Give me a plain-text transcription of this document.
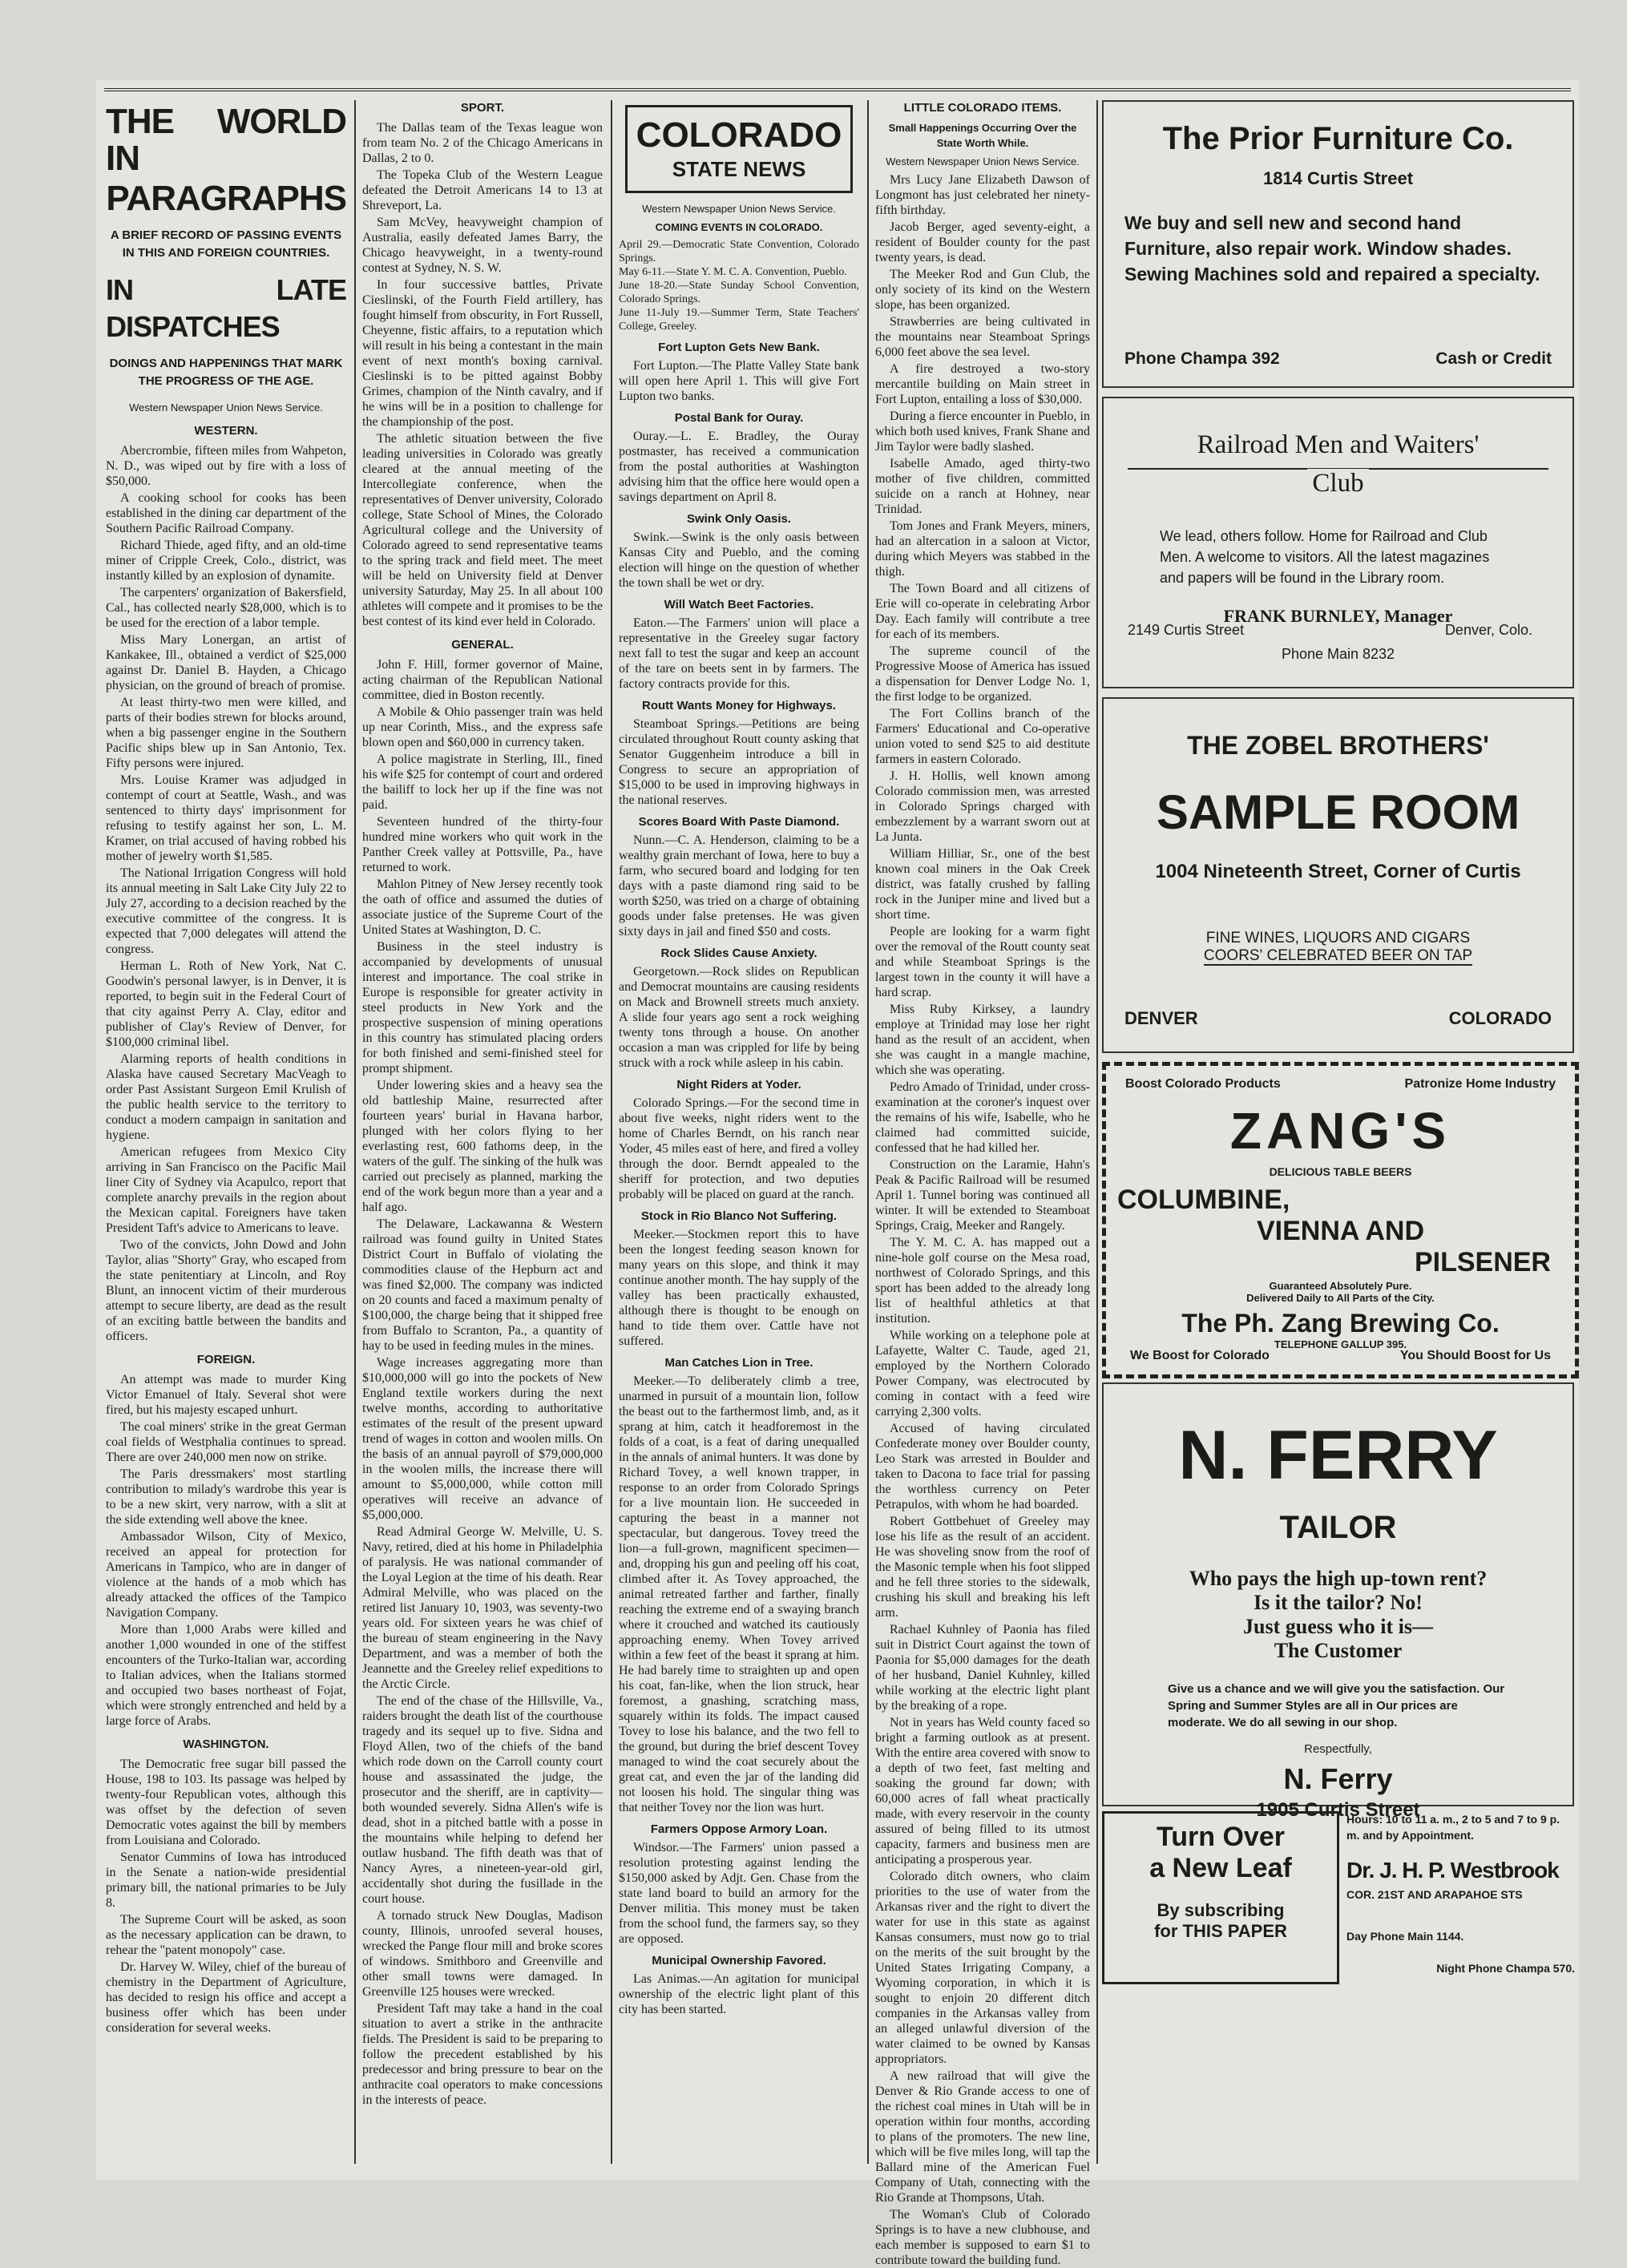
THE WORLD IN
PARAGRAPHS
A BRIEF RECORD OF PASSING EVENTS IN THIS AND FOREIGN COUNTRIES.
IN LATE DISPATCHES
DOINGS AND HAPPENINGS THAT MARK THE PROGRESS OF THE AGE.
Western Newspaper Union News Service.
WESTERN.

Abercrombie, fifteen miles from Wahpeton, N. D., was wiped out by fire with a loss of $50,000.

A cooking school for cooks has been established in the dining car department of the Southern Pacific Railroad Company.

Richard Thiede, aged fifty, and an old-time miner of Cripple Creek, Colo., district, was instantly killed by an explosion of dynamite.

The carpenters' organization of Bakersfield, Cal., has collected nearly $28,000, which is to be used for the erection of a labor temple.

Miss Mary Lonergan, an artist of Kankakee, Ill., obtained a verdict of $25,000 against Dr. Daniel B. Hayden, a Chicago physician, on the ground of breach of promise.

At least thirty-two men were killed, and parts of their bodies strewn for blocks around, when a big passenger engine in the Southern Pacific ships blew up in San Antonio, Tex. Fifty persons were injured.

Mrs. Louise Kramer was adjudged in contempt of court at Seattle, Wash., and was sentenced to thirty days' imprisonment for refusing to testify against her son, L. M. Kramer, on trial accused of having robbed his mother of jewelry worth $1,585.

The National Irrigation Congress will hold its annual meeting in Salt Lake City July 22 to July 27, according to a decision reached by the executive committee of the congress. It is expected that 7,000 delegates will attend the congress.

Herman L. Roth of New York, Nat C. Goodwin's personal lawyer, is in Denver, it is reported, to begin suit in the Federal Court of that city against Perry A. Clay, editor and publisher of Clay's Review of Denver, for $100,000 criminal libel.

Alarming reports of health conditions in Alaska have caused Secretary MacVeagh to order Past Assistant Surgeon Emil Krulish of the public health service to the territory to conduct a modern campaign in sanitation and hygiene.

American refugees from Mexico City arriving in San Francisco on the Pacific Mail liner City of Sydney via Acapulco, report that complete anarchy prevails in the region about the Mexican capital. Foreigners have taken President Taft's advice to Americans to leave.

Two of the convicts, John Dowd and John Taylor, alias "Shorty" Gray, who escaped from the state penitentiary at Lincoln, and Roy Blunt, an innocent victim of their murderous attempt to secure liberty, are dead as the result of an exciting battle between the bandits and officers.

FOREIGN.

An attempt was made to murder King Victor Emanuel of Italy. Several shot were fired, but his majesty escaped unhurt.

The coal miners' strike in the great German coal fields of Westphalia continues to spread. There are over 240,000 men now on strike.

The Paris dressmakers' most startling contribution to milady's wardrobe this year is to be a new skirt, very narrow, with a slit at the side extending well above the knee.

Ambassador Wilson, City of Mexico, received an appeal for protection for Americans in Tampico, who are in danger of violence at the hands of a mob which has already attacked the offices of the Tampico Navigation Company.

More than 1,000 Arabs were killed and another 1,000 wounded in one of the stiffest encounters of the Turko-Italian war, according to Italian advices, when the Italians stormed and occupied two bases northeast of Fojat, which were strongly entrenched and held by a large force of Arabs.

WASHINGTON.

The Democratic free sugar bill passed the House, 198 to 103. Its passage was helped by twenty-four Republican votes, although this was offset by the defection of seven Democratic votes against the bill by members from Louisiana and Colorado.

Senator Cummins of Iowa has introduced in the Senate a nation-wide presidential primary bill, the national primaries to be July 8.

The Supreme Court will be asked, as soon as the necessary application can be drawn, to rehear the "patent monopoly" case.

Dr. Harvey W. Wiley, chief of the bureau of chemistry in the Department of Agriculture, has decided to resign his office and accept a business offer which has been under consideration for several weeks.

SPORT.

The Dallas team of the Texas league won from team No. 2 of the Chicago Americans in Dallas, 2 to 0.

The Topeka Club of the Western League defeated the Detroit Americans 14 to 13 at Shreveport, La.

Sam McVey, heavyweight champion of Australia, easily defeated James Barry, the Chicago heavyweight, in a twenty-round contest at Sydney, N. S. W.

In four successive battles, Private Cieslinski, of the Fourth Field artillery, has fought himself from obscurity, in Fort Russell, Cheyenne, fistic affairs, to a reputation which will result in his being a contestant in the main event of next month's boxing carnival. Cieslinski is to be pitted against Bobby Grimes, champion of the Ninth cavalry, and if he wins will be in a position to challenge for the championship of the post.

The athletic situation between the five leading universities in Colorado was greatly cleared at the annual meeting of the Intercollegiate conference, when the representatives of Denver university, Colorado college, State School of Mines, the Colorado Agricultural college and the University of Colorado agreed to send representative teams to the spring track and field meet. The meet will be held on University field at Denver university Saturday, May 25. In all about 100 athletes will compete and it promises to be the best contest of its kind ever held in Colorado.

GENERAL.

John F. Hill, former governor of Maine, acting chairman of the Republican National committee, died in Boston recently.

A Mobile & Ohio passenger train was held up near Corinth, Miss., and the express safe blown open and $60,000 in currency taken.

A police magistrate in Sterling, Ill., fined his wife $25 for contempt of court and ordered the bailiff to lock her up if the fine was not paid.

Seventeen hundred of the thirty-four hundred mine workers who quit work in the Panther Creek valley at Pottsville, Pa., have returned to work.

Mahlon Pitney of New Jersey recently took the oath of office and assumed the duties of associate justice of the Supreme Court of the United States at Washington, D. C.

Business in the steel industry is accompanied by developments of unusual interest and importance. The coal strike in Europe is responsible for greater activity in steel products in New York and the prospective suspension of mining operations in this country has stimulated placing orders for both finished and semi-finished steel for prompt shipment.

Under lowering skies and a heavy sea the old battleship Maine, resurrected after fourteen years' burial in Havana harbor, plunged with her colors flying to her everlasting rest, 600 fathoms deep, in the waters of the gulf. The sinking of the hulk was carried out precisely as planned, marking the end of the work begun more than a year and a half ago.

The Delaware, Lackawanna & Western railroad was found guilty in United States District Court in Buffalo of violating the commodities clause of the Hepburn act and was fined $2,000. The company was indicted on 20 counts and faced a maximum penalty of $100,000, the charge being that it shipped free from Buffalo to Scranton, Pa., a quantity of hay to be used in feeding mules in the mines.

Wage increases aggregating more than $10,000,000 will go into the pockets of New England textile workers during the next twelve months, according to authoritative estimates of the result of the present upward trend of wages in cotton and woolen mills. On the basis of an annual payroll of $79,000,000 in the woolen mills, the increase there will amount to $5,000,000, while cotton mill operatives will receive an advance of $5,000,000.

Read Admiral George W. Melville, U. S. Navy, retired, died at his home in Philadelphia of paralysis. He was national commander of the Loyal Legion at the time of his death. Rear Admiral Melville, who was placed on the retired list January 10, 1903, was seventy-two years old. For sixteen years he was chief of the bureau of steam engineering in the Navy Department, and was a member of both the Jeannette and the Greeley relief expeditions to the Arctic Circle.

The end of the chase of the Hillsville, Va., raiders brought the death list of the courthouse tragedy and its sequel up to five. Sidna and Floyd Allen, two of the chiefs of the band which rode down on the Carroll county court house and assassinated the judge, the prosecutor and the sheriff, are in captivity—both wounded severely. Sidna Allen's wife is dead, shot in a pitched battle with a posse in the mountains while helping to defend her outlaw husband. The fifth death was that of Nancy Ayres, a nineteen-year-old girl, accidentally shot during the fusillade in the court house.

A tornado struck New Douglas, Madison county, Illinois, unroofed several houses, wrecked the Pange flour mill and broke scores of windows. Smithboro and Greenville and other small towns were damaged. In Greenville 125 houses were wrecked.

President Taft may take a hand in the coal situation to avert a strike in the anthracite fields. The President is said to be preparing to follow the precedent established by his predecessor and bring pressure to bear on the anthracite coal operators to make concessions in the interests of peace.

COLORADO
STATE NEWS
Western Newspaper Union News Service.
COMING EVENTS IN COLORADO.

April 29.—Democratic State Convention, Colorado Springs.

May 6-11.—State Y. M. C. A. Convention, Pueblo.

June 18-20.—State Sunday School Convention, Colorado Springs.

June 11-July 19.—Summer Term, State Teachers' College, Greeley.

Fort Lupton Gets New Bank.

Fort Lupton.—The Platte Valley State bank will open here April 1. This will give Fort Lupton two banks.

Postal Bank for Ouray.

Ouray.—L. E. Bradley, the Ouray postmaster, has received a communication from the postal authorities at Washington advising him that the office here would open a savings department on April 8.

Swink Only Oasis.

Swink.—Swink is the only oasis between Kansas City and Pueblo, and the coming election will hinge on the question of whether the town shall be wet or dry.

Will Watch Beet Factories.

Eaton.—The Farmers' union will place a representative in the Greeley sugar factory next fall to test the sugar and keep an account of the tare on beets sent in by farmers. The factory contracts provide for this.

Routt Wants Money for Highways.

Steamboat Springs.—Petitions are being circulated throughout Routt county asking that Senator Guggenheim introduce a bill in Congress to secure an appropriation of $15,000 to be used in improving highways in the national reserves.

Scores Board With Paste Diamond.

Nunn.—C. A. Henderson, claiming to be a wealthy grain merchant of Iowa, here to buy a farm, who secured board and lodging for ten days with a paste diamond ring said to be worth $250, was tried on a charge of obtaining goods under false pretenses. He was given sixty days in jail and fined $50 and costs.

Rock Slides Cause Anxiety.

Georgetown.—Rock slides on Republican and Democrat mountains are causing residents on Mack and Brownell streets much anxiety. A slide four years ago sent a rock weighing twenty tons through a house. On another occasion a man was crippled for life by being struck with a rock while asleep in his cabin.

Night Riders at Yoder.

Colorado Springs.—For the second time in about five weeks, night riders went to the home of Charles Berndt, on his ranch near Yoder, 45 miles east of here, and fired a volley through the door. Berndt appealed to the sheriff for protection, and two deputies probably will be placed on guard at the ranch.

Stock in Rio Blanco Not Suffering.

Meeker.—Stockmen report this to have been the longest feeding season known for many years on this slope, and think it may continue another month. The hay supply of the valley has been practically exhausted, although there is thought to be enough on hand to tide them over. Cattle have not suffered.

Man Catches Lion in Tree.

Meeker.—To deliberately climb a tree, unarmed in pursuit of a mountain lion, follow the beast out to the farthermost limb, and, as it sprang at him, catch it headforemost in the folds of a coat, is a feat of daring unequalled in the annals of animal hunters. It was done by Richard Tovey, a well known trapper, in response to an order from Colorado Springs for a live mountain lion. He succeeded in capturing the beast in a manner not spectacular, but dangerous. Tovey treed the lion—a full-grown, magnificent specimen—and, dropping his gun and peeling off his coat, climbed after it. As Tovey approached, the animal retreated farther and farther, finally reaching the extreme end of a swaying branch where it crouched and watched its cautiously approaching enemy. When Tovey arrived within a few feet of the beast it sprang at him. He had barely time to straighten up and open his coat, fan-like, when the lion struck, hear foremost, a gnashing, scratching mass, squarely within its folds. The impact caused Tovey to lose his balance, and the two fell to the ground, but during the brief descent Tovey managed to wind the coat securely about the great cat, and even the jar of the landing did not loosen his hold. The singular thing was that neither Tovey nor the lion was hurt.

Farmers Oppose Armory Loan.

Windsor.—The Farmers' union passed a resolution protesting against lending the $150,000 asked by Adjt. Gen. Chase from the state land board to build an armory for the Denver militia. This money must be taken from the school fund, the farmers say, so they are opposed.

Municipal Ownership Favored.

Las Animas.—An agitation for municipal ownership of the electric light plant of this city has been started.

LITTLE COLORADO ITEMS.
Small Happenings Occurring Over the State Worth While.
Western Newspaper Union News Service.

Mrs Lucy Jane Elizabeth Dawson of Longmont has just celebrated her ninety-fifth birthday.

Jacob Berger, aged seventy-eight, a resident of Boulder county for the past twenty years, is dead.

The Meeker Rod and Gun Club, the only society of its kind on the Western slope, has been organized.

Strawberries are being cultivated in the mountains near Steamboat Springs 6,000 feet above the sea level.

A fire destroyed a two-story mercantile building on Main street in Fort Lupton, entailing a loss of $30,000.

During a fierce encounter in Pueblo, in which both used knives, Frank Shane and Jim Taylor were badly slashed.

Isabelle Amado, aged thirty-two mother of five children, committed suicide on a ranch at Hohney, near Trinidad.

Tom Jones and Frank Meyers, miners, had an altercation in a saloon at Victor, during which Meyers was stabbed in the thigh.

The Town Board and all citizens of Erie will co-operate in celebrating Arbor Day. Each family will contribute a tree for each of its members.

The supreme council of the Progressive Moose of America has issued a dispensation for Denver Lodge No. 1, the first lodge to be organized.

The Fort Collins branch of the Farmers' Educational and Co-operative union voted to send $25 to aid destitute farmers in eastern Colorado.

J. H. Hollis, well known among Colorado commission men, was arrested in Colorado Springs charged with embezzlement by a warrant sworn out at La Junta.

William Hilliar, Sr., one of the best known coal miners in the Oak Creek district, was fatally crushed by falling rock in the Juniper mine and lived but a short time.

People are looking for a warm fight over the removal of the Routt county seat and while Steamboat Springs is the largest town in the county it will have a hard scrap.

Miss Ruby Kirksey, a laundry employe at Trinidad may lose her right hand as the result of an accident, when she was caught in a mangle machine, which she was operating.

Pedro Amado of Trinidad, under cross-examination at the coroner's inquest over the remains of his wife, Isabelle, who he claimed had committed suicide, confessed that he had killed her.

Construction on the Laramie, Hahn's Peak & Pacific Railroad will be resumed April 1. Tunnel boring was continued all winter. It will be extended to Steamboat Springs, Craig, Meeker and Rangely.

The Y. M. C. A. has mapped out a nine-hole golf course on the Mesa road, northwest of Colorado Springs, and this sport has been added to the already long list of healthful athletics at that institution.

While working on a telephone pole at Lafayette, Walter C. Taude, aged 21, employed by the Northern Colorado Power Company, was electrocuted by coming in contact with a feed wire carrying 2,300 volts.

Accused of having circulated Confederate money over Boulder county, Leo Stark was arrested in Boulder and taken to Dacona to face trial for passing the worthless currency on Peter Petrapulos, with whom he had boarded.

Robert Gottbehuet of Greeley may lose his life as the result of an accident. He was shoveling snow from the roof of the Masonic temple when his foot slipped and he fell three stories to the sidewalk, crushing his skull and breaking his left arm.

Rachael Kuhnley of Paonia has filed suit in District Court against the town of Paonia for $5,000 damages for the death of her husband, Daniel Kuhnley, killed while working at the electric light plant by the breaking of a rope.

Not in years has Weld county faced so bright a farming outlook as at present. With the entire area covered with snow to a depth of two feet, fast melting and soaking the ground far down; with 60,000 acres of fall wheat practically made, with every reservoir in the county assured of being filled to its utmost capacity, farmers and business men are anticipating a prosperous year.

Colorado ditch owners, who claim priorities to the use of water from the Arkansas river and the right to divert the water for use in this state as against Kansas consumers, must now go to trial on the merits of the suit brought by the United States Irrigating Company, a Wyoming corporation, in which it is sought to enjoin 20 different ditch companies in the Arkansas valley from an alleged unlawful diversion of the water claimed to be owned by Kansas appropriators.

A new railroad that will give the Denver & Rio Grande access to one of the richest coal mines in Utah will be in operation within four months, according to plans of the promoters. The new line, which will be five miles long, will tap the Ballard mine of the American Fuel Company of Utah, connecting with the Rio Grande at Thompsons, Utah.

The Woman's Club of Colorado Springs is to have a new clubhouse, and each member is supposed to earn $1 to contribute toward the building fund.

The Prior Furniture Co.
1814 Curtis Street
We buy and sell new and second hand Furniture, also repair work. Window shades. Sewing Machines sold and repaired a specialty.
Phone Champa 392	Cash or Credit
Railroad Men and Waiters'
Club
We lead, others follow. Home for Railroad and Club Men. A welcome to visitors. All the latest magazines and papers will be found in the Library room.
FRANK BURNLEY, Manager
2149 Curtis Street	Denver, Colo.
Phone Main 8232
THE ZOBEL BROTHERS'
SAMPLE ROOM
1004 Nineteenth Street, Corner of Curtis
FINE WINES, LIQUORS AND CIGARS
COORS' CELEBRATED BEER ON TAP
DENVER	COLORADO
Boost Colorado Products	Patronize Home Industry
ZANG'S
DELICIOUS TABLE BEERS
COLUMBINE,
VIENNA AND
PILSENER
Guaranteed Absolutely Pure.
Delivered Daily to All Parts of the City.
The Ph. Zang Brewing Co.
TELEPHONE GALLUP 395.
We Boost for Colorado	You Should Boost for Us
N. FERRY
TAILOR
Who pays the high up-town rent?
Is it the tailor? No!
Just guess who it is—
The Customer
Give us a chance and we will give you the satisfaction. Our Spring and Summer Styles are all in Our prices are moderate. We do all sewing in our shop.
Respectfully,
N. Ferry
1905 Curtis Street
Turn Over
a New Leaf
By subscribing
for THIS PAPER
Hours: 10 to 11 a. m., 2 to 5 and 7 to 9 p. m. and by Appointment.
Dr. J. H. P. Westbrook
COR. 21ST AND ARAPAHOE STS
Day Phone Main 1144.
Night Phone Champa 570.
